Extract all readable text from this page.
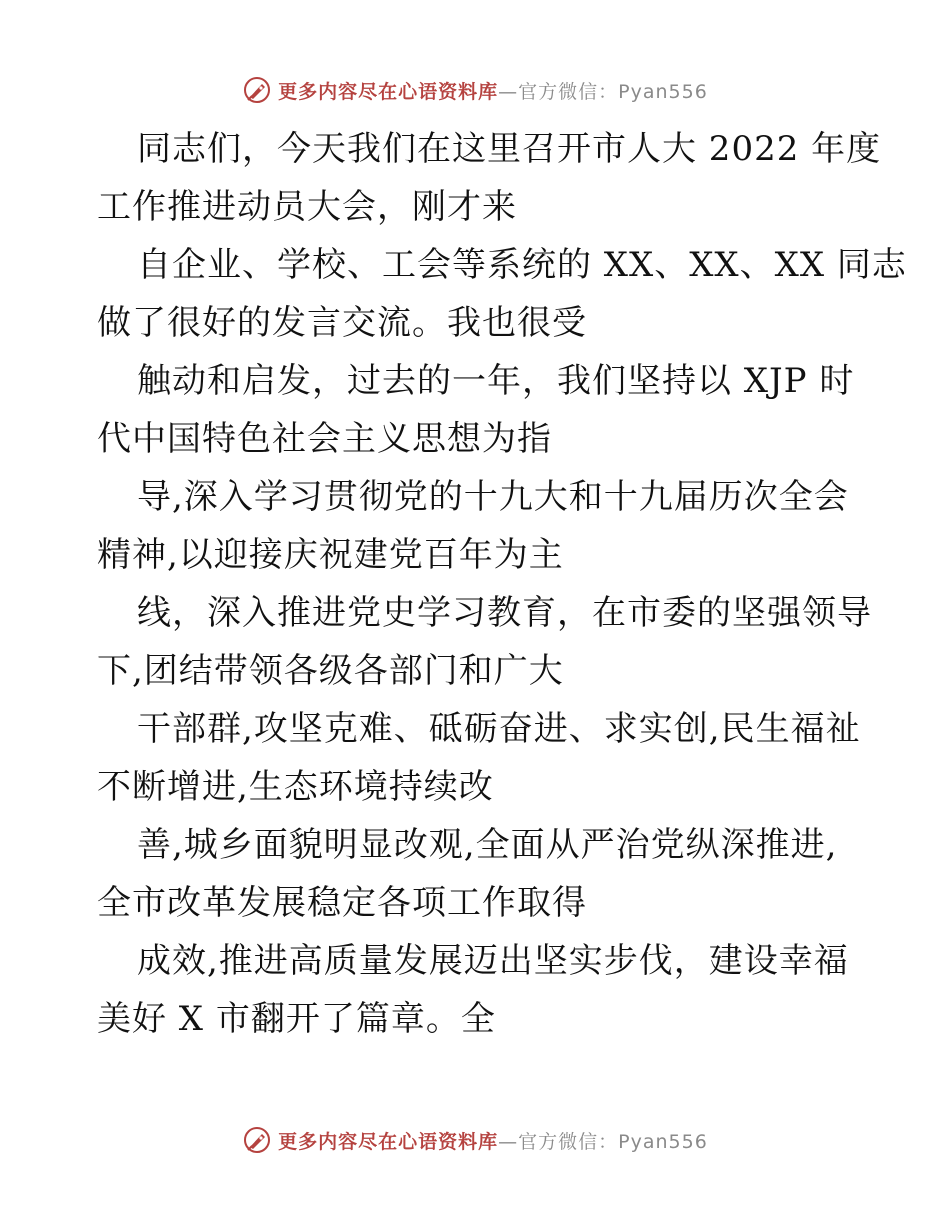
更多内容尽在心语资料库—官方微信：Pyan556
同志们，今天我们在这里召开市人大 2022 年度
工作推进动员大会，刚才来
自企业、学校、工会等系统的 XX、XX、XX 同志
做了很好的发言交流。我也很受
触动和启发，过去的一年，我们坚持以 XJP 时
代中国特色社会主义思想为指
导,深入学习贯彻党的十九大和十九届历次全会
精神,以迎接庆祝建党百年为主
线，深入推进党史学习教育，在市委的坚强领导
下,团结带领各级各部门和广大
干部群,攻坚克难、砥砺奋进、求实创,民生福祉
不断增进,生态环境持续改
善,城乡面貌明显改观,全面从严治党纵深推进,
全市改革发展稳定各项工作取得
成效,推进高质量发展迈出坚实步伐，建设幸福
美好 X 市翻开了篇章。全
更多内容尽在心语资料库—官方微信：Pyan556
